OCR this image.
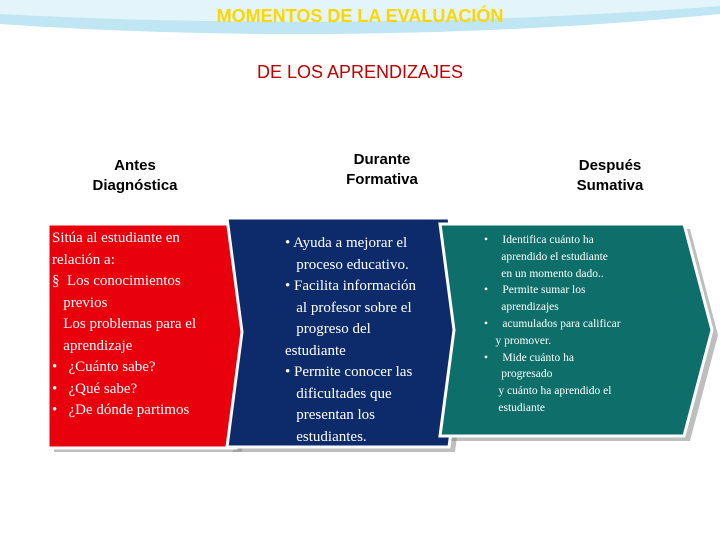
MOMENTOS DE LA EVALUACIÓN
DE LOS APRENDIZAJES
Antes
Diagnóstica
Durante
Formativa
Después
Sumativa
Sitúa al estudiante en
relación a:
§  Los conocimientos
previos
Los problemas para el
aprendizaje
•   ¿Cuánto sabe?
•   ¿Qué sabe?
•   ¿De dónde partimos
• Ayuda a mejorar el
proceso educativo.
• Facilita información
al profesor sobre el
progreso del
estudiante
• Permite conocer las
dificultades que
presentan los
estudiantes.
•     Identifica cuánto ha
aprendido el estudiante
en un momento dado..
•     Permite sumar los
aprendizajes
•     acumulados para calificar
y promover.
•     Mide cuánto ha
progresado
y cuánto ha aprendido el
estudiante
